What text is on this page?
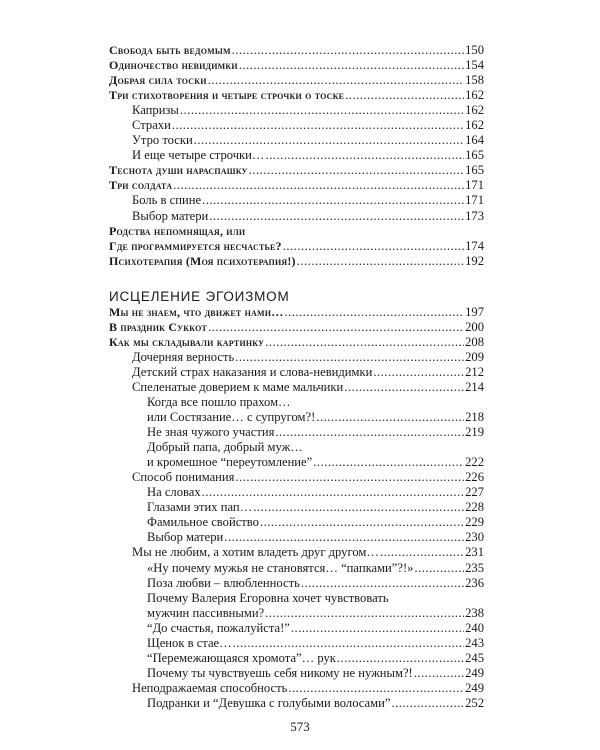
Свобода быть ведомым .....	150
Одиночество невидимки .....	154
Добрая сила тоски .....	158
Три стихотворения и четыре строчки о тоске .....	162
Капризы .....	162
Страхи .....	162
Утро тоски .....	164
И еще четыре строчки… .....	165
Теснота души нараспашку .....	165
Три солдата .....	171
Боль в спине .....	171
Выбор матери .....	173
Родства непомнящая, или
Где программируется несчастье? .....	174
Психотерапия (Моя психотерапия!) .....	192
ИСЦЕЛЕНИЕ ЭГОИЗМОМ
Мы не знаем, что движет нами… .....	197
В праздник Суккот .....	200
Как мы складывали картинку .....	208
Дочерняя верность .....	209
Детский страх наказания и слова-невидимки .....	212
Спеленатые доверием к маме мальчики .....	214
Когда все пошло прахом…
или Состязание… с супругом?! .....	218
Не зная чужого участия .....	219
Добрый папа, добрый муж…
и кромешное “переутомление” .....	222
Способ понимания .....	226
На словах .....	227
Глазами этих пап… .....	228
Фамильное свойство .....	229
Выбор матери .....	230
Мы не любим, а хотим владеть друг другом… .....	231
«Ну почему мужья не становятся… “папками”?!» .....	235
Поза любви – влюбленность .....	236
Почему Валерия Егоровна хочет чувствовать
мужчин пассивными? .....	238
“До счастья, пожалуйста!” .....	240
Щенок в стае… .....	243
“Перемежающаяся хромота”… рук .....	245
Почему ты чувствуешь себя никому не нужным?! .....	249
Неподражаемая способность .....	249
Подранки и “Девушка с голубыми волосами” .....	252
573
